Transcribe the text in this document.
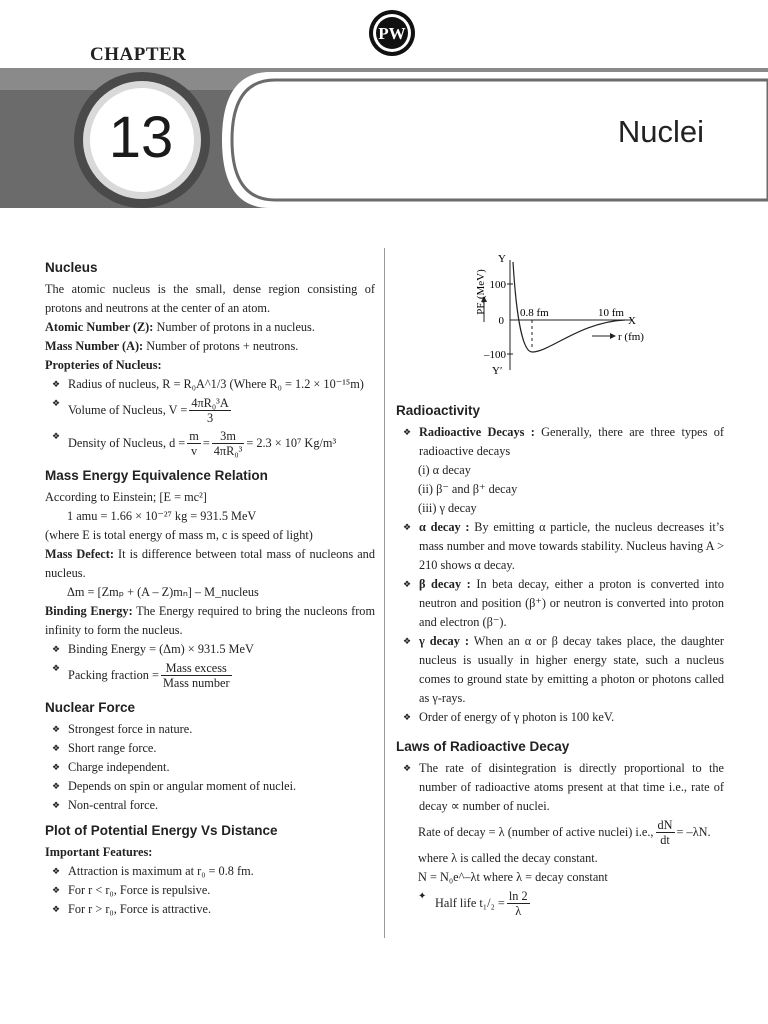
PW
CHAPTER
13	Nuclei
Nucleus

The atomic nucleus is the small, dense region consisting of protons and neutrons at the center of an atom.

Atomic Number (Z): Number of protons in a nucleus.

Mass Number (A): Number of protons + neutrons.

Propteries of Nucleus:

❖ Radius of nucleus, R = R₀A^1/3 (Where R₀ = 1.2 × 10⁻¹⁵m)

❖ Volume of Nucleus, $V = \frac{\text{4πR₀³A}}{3}$
❖ Density of Nucleus, $d = \frac{m}{v} = \frac{3m}{\text{4πR₀³}} = 2.3 \times 10^7$ Kg/m³
Mass Energy Equivalence Relation

According to Einstein; [E = mc²]

1 amu = 1.66 × 10⁻²⁷ kg = 931.5 MeV

(where E is total energy of mass m, c is speed of light)

Mass Defect: It is difference between total mass of nucleons and nucleus.

Δm = [Zmₚ + (A – Z)mₙ] – M_nucleus

Binding Energy: The Energy required to bring the nucleons from infinity to form the nucleus.

❖ Binding Energy = (Δm) × 931.5 MeV

❖ Packing fraction = $\frac{\text{Mass excess}}{\text{Mass number}}$
Nuclear Force

❖ Strongest force in nature.

❖ Short range force.

❖ Charge independent.

❖ Depends on spin or angular moment of nuclei.

❖ Non-central force.

Plot of Potential Energy Vs Distance

Important Features:

❖ Attraction is maximum at r₀ = 0.8 fm.

❖ For r < r₀, Force is repulsive.

❖ For r > r₀, Force is attractive.

Y
PE (MeV) 100
0
–100
Y′
X
0.8 fm	10 fm
r (fm)
Radioactivity

❖ Radioactive Decays : Generally, there are three types of radioactive decays

(i) α decay

(ii) β⁻ and β⁺ decay

(iii) γ decay

❖ α decay : By emitting α particle, the nucleus decreases it’s mass number and move towards stability. Nucleus having A > 210 shows α decay.

❖ β decay : In beta decay, either a proton is converted into neutron and position (β⁺) or neutron is converted into proton and electron (β⁻).

❖ γ decay : When an α or β decay takes place, the daughter nucleus is usually in higher energy state, such a nucleus comes to ground state by emitting a photon or photons called as γ-rays.

❖ Order of energy of γ photon is 100 keV.

Laws of Radioactive Decay

❖ The rate of disintegration is directly proportional to the number of radioactive atoms present at that time i.e., rate of decay ∝ number of nuclei.

Rate of decay = λ (number of active nuclei) i.e., $\frac{dN}{dt} = -\lambda N$.

where λ is called the decay constant.

N = N₀e^–λt where λ = decay constant

✦ Half life $t_1/_2 = \frac{\ln 2}{\lambda}$
